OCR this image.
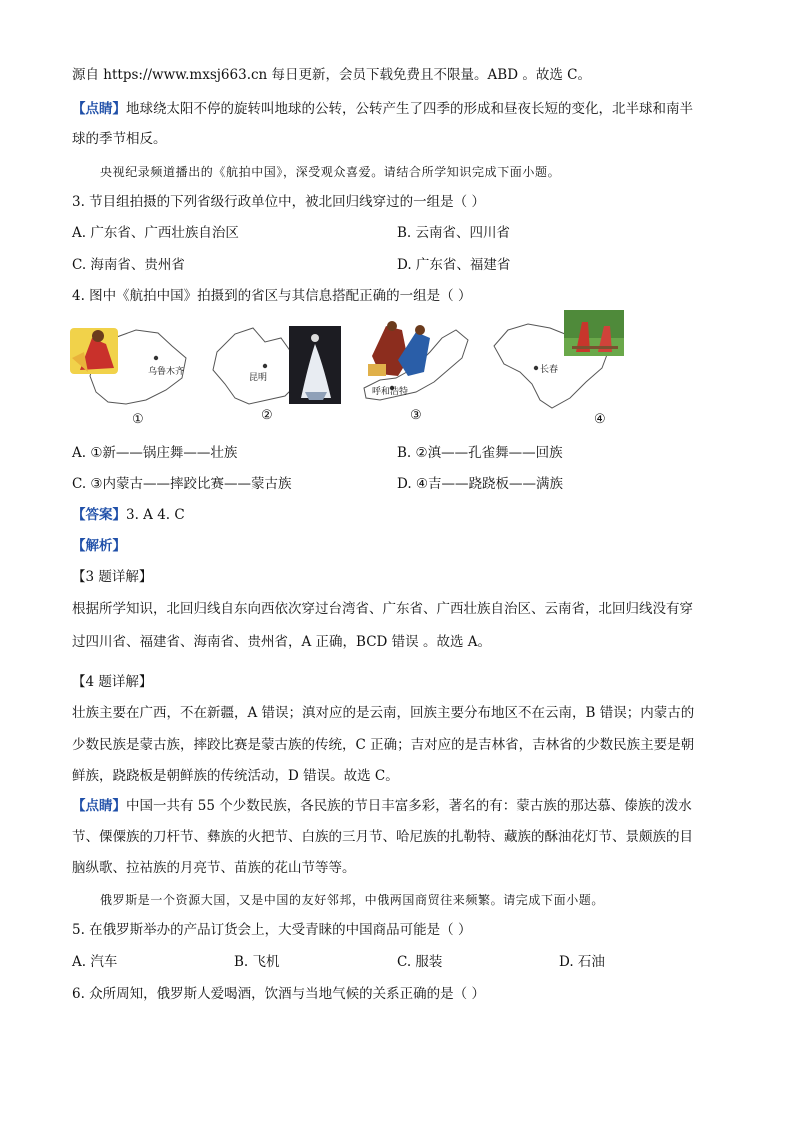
源自 https://www.mxsj663.cn 每日更新，会员下载免费且不限量。ABD 。故选 C。
【点睛】地球绕太阳不停的旋转叫地球的公转，公转产生了四季的形成和昼夜长短的变化，北半球和南半
球的季节相反。
央视纪录频道播出的《航拍中国》，深受观众喜爱。请结合所学知识完成下面小题。
3. 节目组拍摄的下列省级行政单位中，被北回归线穿过的一组是（ ）
A. 广东省、广西壮族自治区	B. 云南省、四川省
C. 海南省、贵州省	D. 广东省、福建省
4. 图中《航拍中国》拍摄到的省区与其信息搭配正确的一组是（ ）
乌鲁木齐
①
昆明
②
呼和浩特
③
长春
④
A. ①新——锅庄舞——壮族	B. ②滇——孔雀舞——回族
C. ③内蒙古——摔跤比赛——蒙古族	D. ④吉——跷跷板——满族
【答案】3. A 4. C
【解析】
【3 题详解】
根据所学知识，北回归线自东向西依次穿过台湾省、广东省、广西壮族自治区、云南省，北回归线没有穿
过四川省、福建省、海南省、贵州省，A 正确，BCD 错误 。故选 A。
【4 题详解】
壮族主要在广西，不在新疆，A 错误；滇对应的是云南，回族主要分布地区不在云南，B 错误；内蒙古的
少数民族是蒙古族，摔跤比赛是蒙古族的传统，C 正确；吉对应的是吉林省，吉林省的少数民族主要是朝
鲜族，跷跷板是朝鲜族的传统活动，D 错误。故选 C。
【点睛】中国一共有 55 个少数民族，各民族的节日丰富多彩，著名的有：蒙古族的那达慕、傣族的泼水
节、傈僳族的刀杆节、彝族的火把节、白族的三月节、哈尼族的扎勒特、藏族的酥油花灯节、景颇族的目
脑纵歌、拉祜族的月亮节、苗族的花山节等等。
俄罗斯是一个资源大国，又是中国的友好邻邦，中俄两国商贸往来频繁。请完成下面小题。
5. 在俄罗斯举办的产品订货会上，大受青睐的中国商品可能是（ ）
A. 汽车	B. 飞机	C. 服装	D. 石油
6. 众所周知，俄罗斯人爱喝酒，饮酒与当地气候的关系正确的是（ ）
